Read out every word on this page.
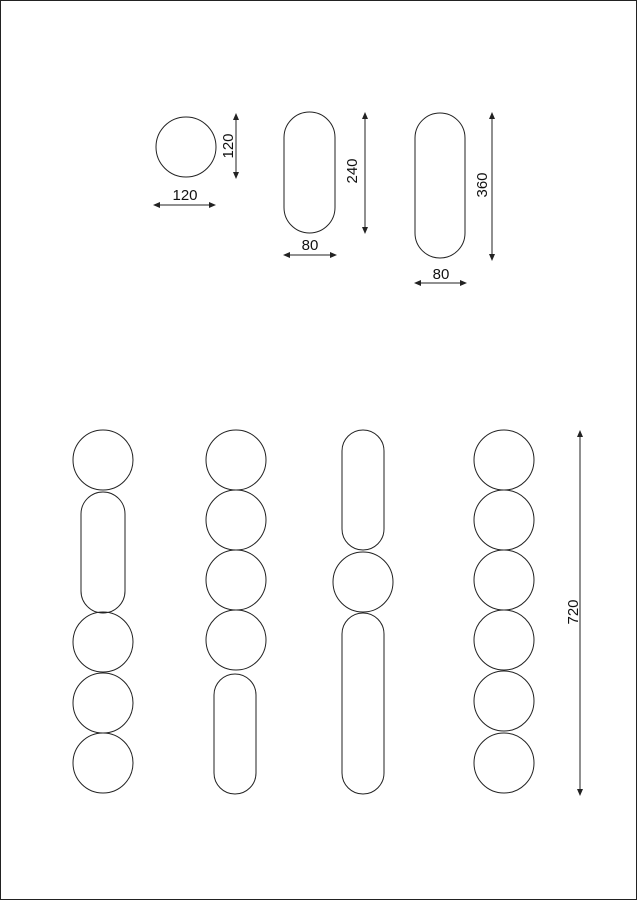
120
120
80
240
80
360
720
